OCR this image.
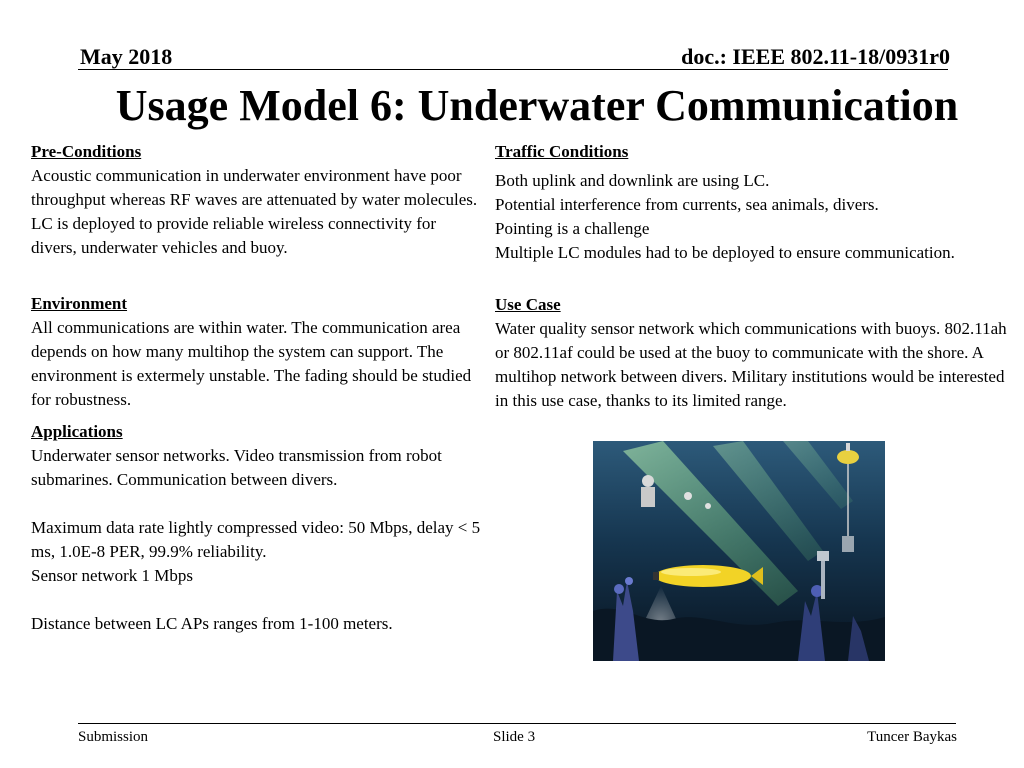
May 2018	doc.: IEEE 802.11-18/0931r0
Usage Model 6: Underwater Communication
Pre-Conditions
Acoustic communication in underwater environment have poor throughput whereas RF waves are attenuated by water molecules. LC is deployed to provide reliable wireless connectivity for divers, underwater vehicles and buoy.
Environment
All communications are within water. The communication area depends on how many multihop the system can support. The environment is extermely unstable. The fading should be studied for robustness.
Applications
Underwater sensor networks. Video transmission from robot submarines. Communication between divers.

Maximum data rate lightly compressed video: 50 Mbps, delay < 5 ms, 1.0E-8 PER, 99.9% reliability.
Sensor network 1 Mbps

Distance between LC APs ranges from 1-100 meters.
Traffic Conditions
Both uplink and downlink are using LC.
Potential interference from currents, sea animals, divers.
Pointing is a challenge
Multiple LC modules had to be deployed to ensure communication.
Use Case
Water quality sensor network which communications with buoys. 802.11ah or 802.11af could be used at the buoy to communicate with the shore. A multihop network between divers. Military institutions would be interested in this use case, thanks to its limited range.
Submission	Slide 3	Tuncer Baykas
